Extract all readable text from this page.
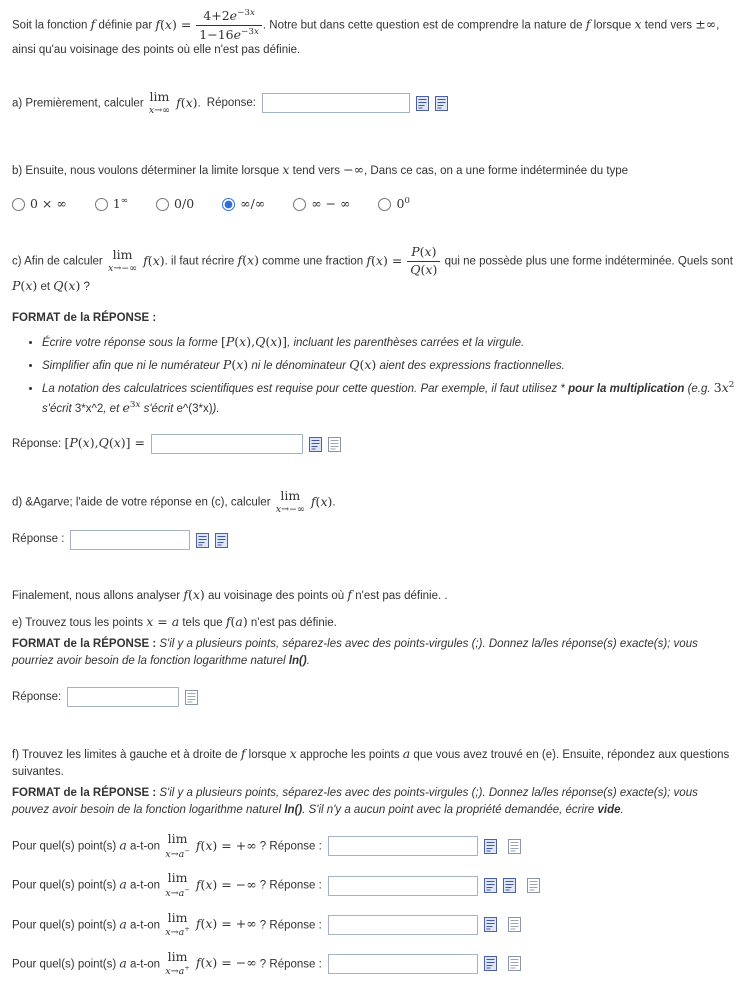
Soit la fonction f définie par $f(x) = \frac{4+2e^{-3x}}{1-16e^{-3x}}$ . Notre but dans cette question est de comprendre la nature de f lorsque x tend vers ±∞, ainsi qu'au voisinage des points où elle n'est pas définie.

a) Premièrement, calculer lim
x→∞
f(x). Réponse:

b) Ensuite, nous voulons déterminer la limite lorsque x tend vers −∞, Dans ce cas, on a une forme indéterminée du type

0 × ∞	1∞	0/0	∞/∞	∞ − ∞	$0^0$

c) Afin de calculer lim
x→−∞
f(x). il faut récrire f(x) comme une fraction $f(x) = \frac{P(x)}{Q(x)}$ qui ne possède plus une forme indéterminée. Quels sont P(x) et Q(x) ?

FORMAT de la RÉPONSE :

• Écrire votre réponse sous la forme [P(x),Q(x)], incluant les parenthèses carrées et la virgule.
• Simplifier afin que ni le numérateur P(x) ni le dénominateur Q(x) aient des expressions fractionnelles.
• La notation des calculatrices scientifiques est requise pour cette question. Par exemple, il faut utilisez * pour la multiplication (e.g. $3x^2$ s'écrit 3*x^2, et $e^{3x}$ s'écrit e^(3*x)).
Réponse: [P(x),Q(x)] =

d) &Agarve; l'aide de votre réponse en (c), calculer lim
x→−∞
f(x).

Réponse :

Finalement, nous allons analyser f(x) au voisinage des points où f n'est pas définie. .

e) Trouvez tous les points x = a tels que f(a) n'est pas définie.

FORMAT de la RÉPONSE : S'il y a plusieurs points, séparez-les avec des points-virgules (;). Donnez la/les réponse(s) exacte(s); vous pourriez avoir besoin de la fonction logarithme naturel ln().

Réponse:

f) Trouvez les limites à gauche et à droite de f lorsque x approche les points a que vous avez trouvé en (e). Ensuite, répondez aux questions suivantes.

FORMAT de la RÉPONSE : S'il y a plusieurs points, séparez-les avec des points-virgules (;). Donnez la/les réponse(s) exacte(s); vous pouvez avoir besoin de la fonction logarithme naturel ln(). S'il n'y a aucun point avec la propriété demandée, écrire vide.

Pour quel(s) point(s) a a-t-on
lim
x→a− f(x) = +∞ ? Réponse :
Pour quel(s) point(s) a a-t-on
lim
x→a− f(x) = −∞ ? Réponse :
Pour quel(s) point(s) a a-t-on
lim
x→a+ f(x) = +∞ ? Réponse :
Pour quel(s) point(s) a a-t-on
lim
x→a+ f(x) = −∞ ? Réponse :
